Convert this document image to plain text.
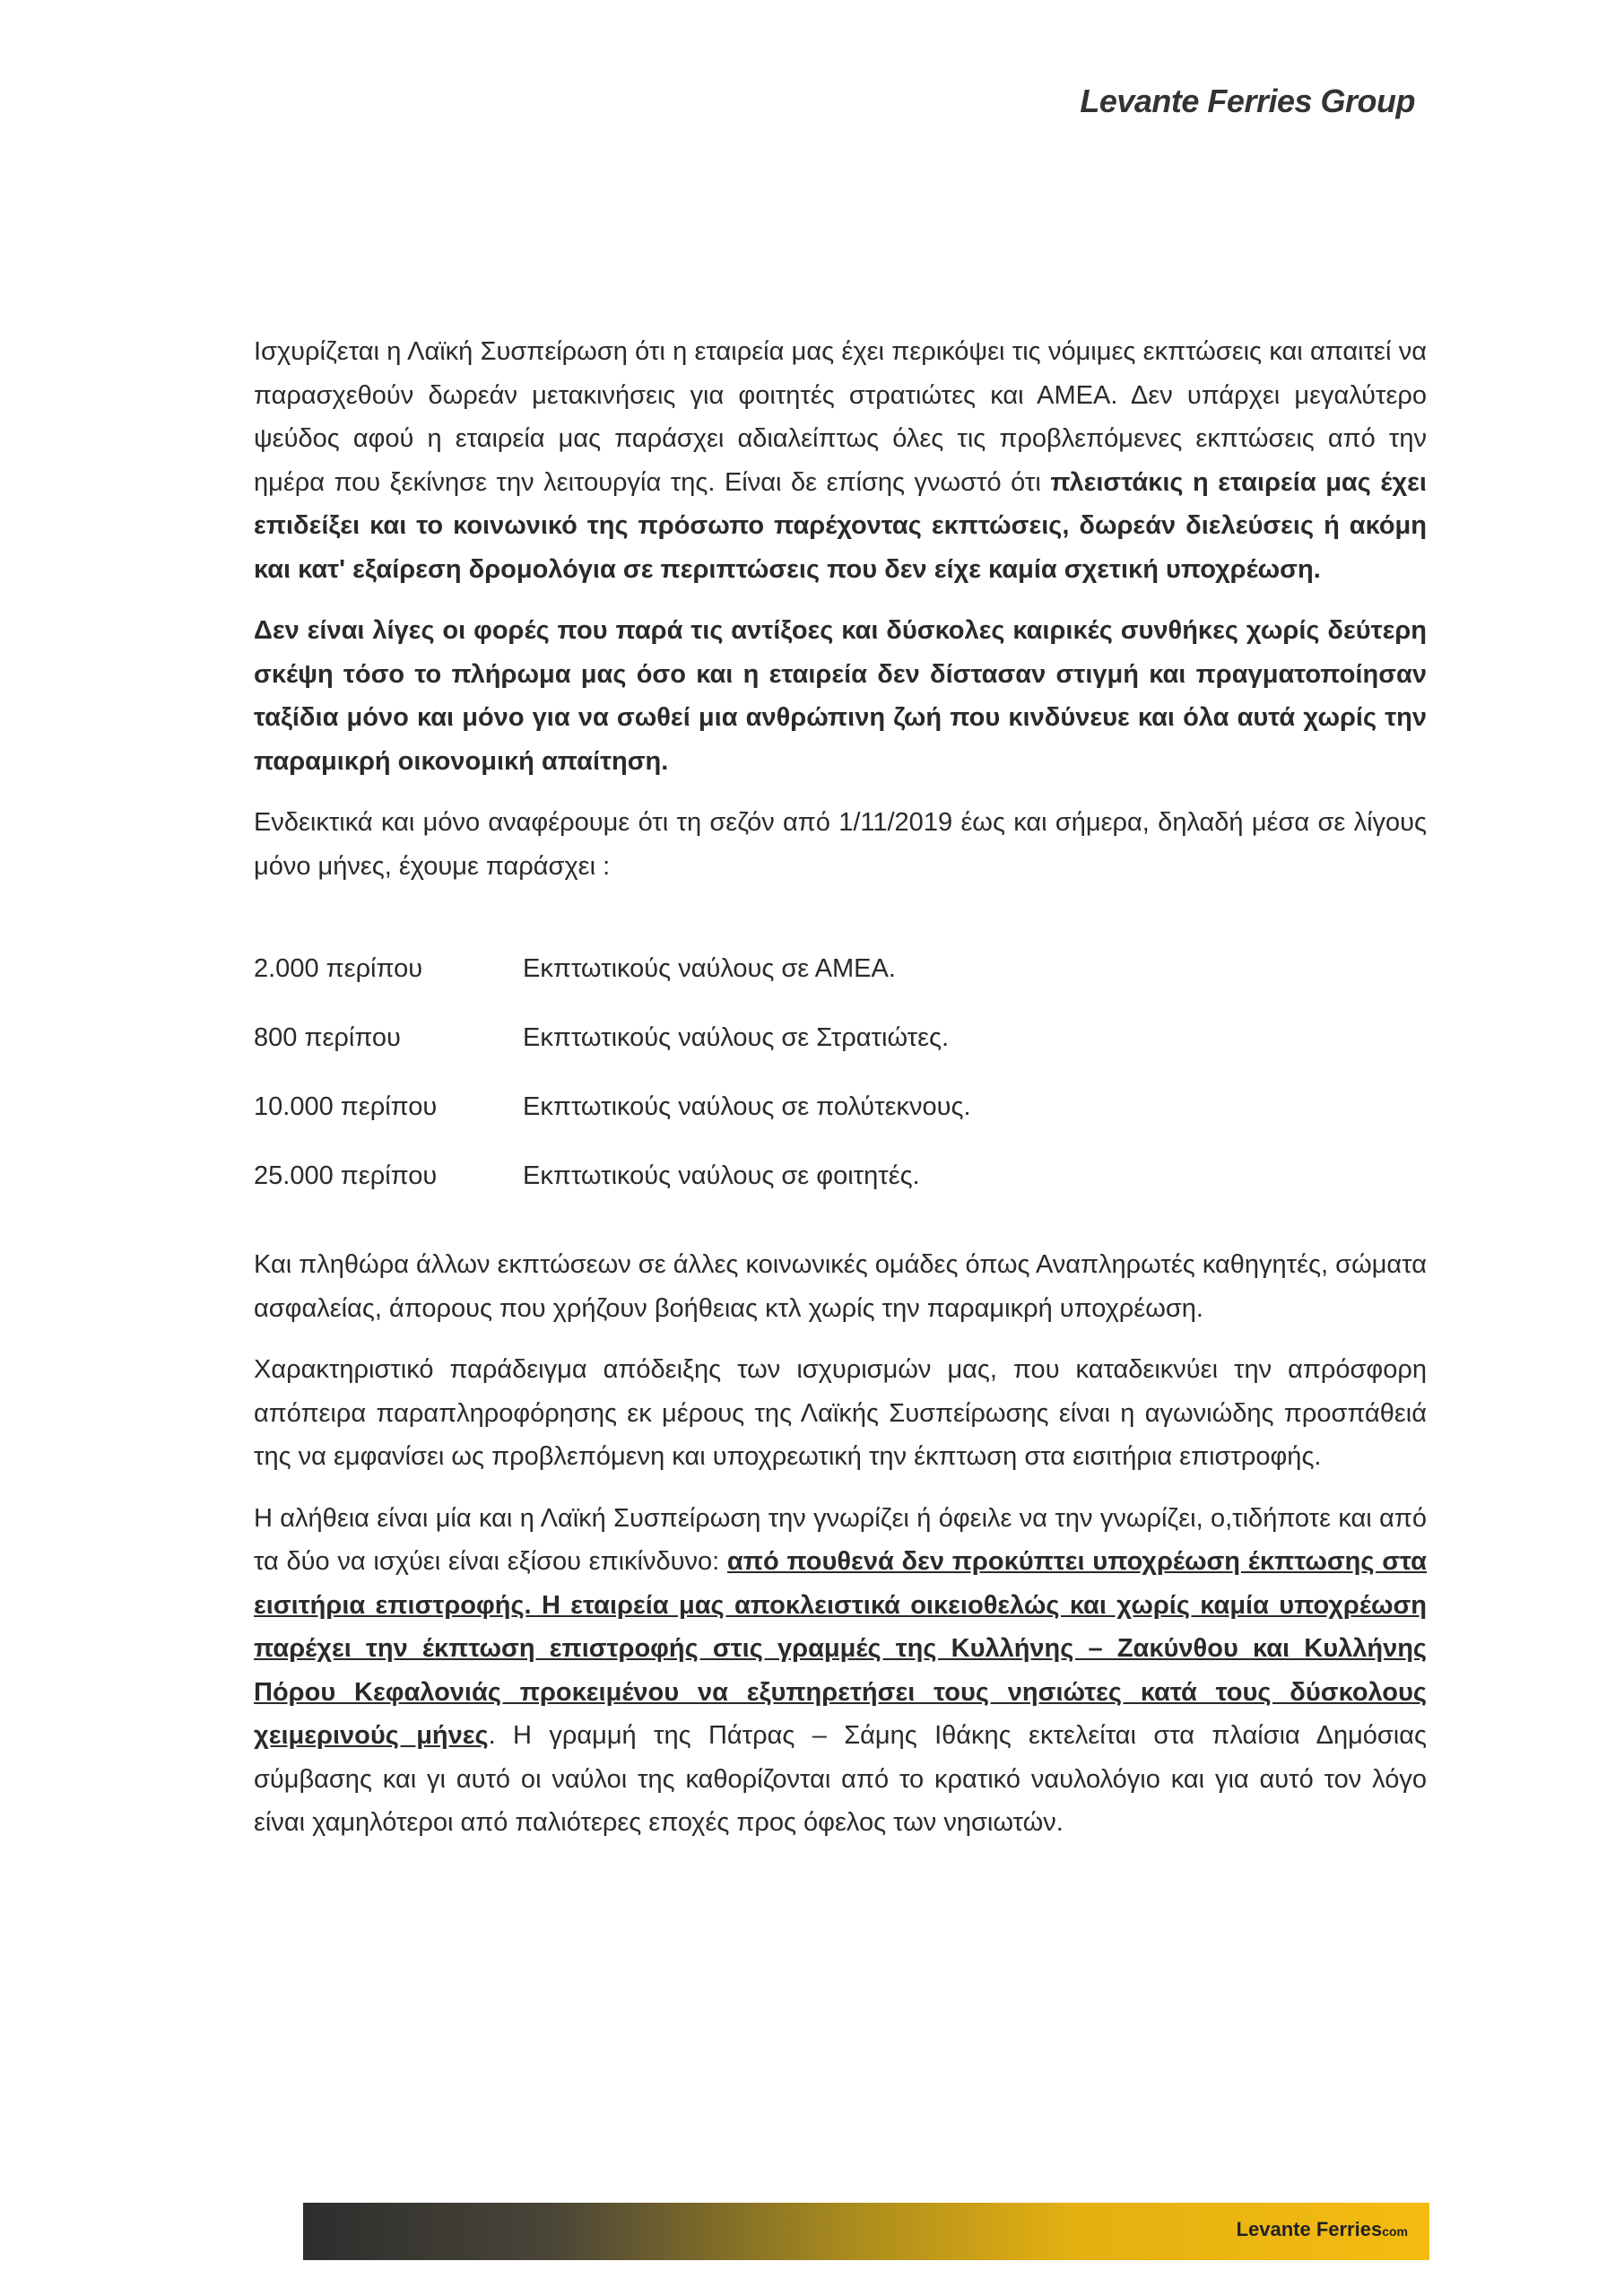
Levante Ferries Group

Ισχυρίζεται η Λαϊκή Συσπείρωση ότι η εταιρεία μας έχει περικόψει τις νόμιμες εκπτώσεις και απαιτεί να παρασχεθούν δωρεάν μετακινήσεις για φοιτητές στρατιώτες και ΑΜΕΑ. Δεν υπάρχει μεγαλύτερο ψεύδος αφού η εταιρεία μας παράσχει αδιαλείπτως όλες τις προβλεπόμενες εκπτώσεις από την ημέρα που ξεκίνησε την λειτουργία της. Είναι δε επίσης γνωστό ότι πλειστάκις η εταιρεία μας έχει επιδείξει και το κοινωνικό της πρόσωπο παρέχοντας εκπτώσεις, δωρεάν διελεύσεις ή ακόμη και κατ' εξαίρεση δρομολόγια σε περιπτώσεις που δεν είχε καμία σχετική υποχρέωση.

Δεν είναι λίγες οι φορές που παρά τις αντίξοες και δύσκολες καιρικές συνθήκες χωρίς δεύτερη σκέψη τόσο το πλήρωμα μας όσο και η εταιρεία δεν δίστασαν στιγμή και πραγματοποίησαν ταξίδια μόνο και μόνο για να σωθεί μια ανθρώπινη ζωή που κινδύνευε και όλα αυτά χωρίς την παραμικρή οικονομική απαίτηση.

Ενδεικτικά και μόνο αναφέρουμε ότι τη σεζόν από 1/11/2019 έως και σήμερα, δηλαδή μέσα σε λίγους μόνο μήνες, έχουμε παράσχει :

2.000 περίπου	Εκπτωτικούς ναύλους σε ΑΜΕΑ.
800 περίπου	Εκπτωτικούς ναύλους σε Στρατιώτες.
10.000 περίπου	Εκπτωτικούς ναύλους σε πολύτεκνους.
25.000 περίπου	Εκπτωτικούς ναύλους σε φοιτητές.

Και πληθώρα άλλων εκπτώσεων σε άλλες κοινωνικές ομάδες όπως Αναπληρωτές καθηγητές, σώματα ασφαλείας, άπορους που χρήζουν βοήθειας κτλ χωρίς την παραμικρή υποχρέωση.

Χαρακτηριστικό παράδειγμα απόδειξης των ισχυρισμών μας, που καταδεικνύει την απρόσφορη απόπειρα παραπληροφόρησης εκ μέρους της Λαϊκής Συσπείρωσης είναι η αγωνιώδης προσπάθειά της να εμφανίσει ως προβλεπόμενη και υποχρεωτική την έκπτωση στα εισιτήρια επιστροφής.

Η αλήθεια είναι μία και η Λαϊκή Συσπείρωση την γνωρίζει ή όφειλε να την γνωρίζει, ο,τιδήποτε και από τα δύο να ισχύει είναι εξίσου επικίνδυνο: από πουθενά δεν προκύπτει υποχρέωση έκπτωσης στα εισιτήρια επιστροφής. Η εταιρεία μας αποκλειστικά οικειοθελώς και χωρίς καμία υποχρέωση παρέχει την έκπτωση επιστροφής στις γραμμές της Κυλλήνης – Ζακύνθου και Κυλλήνης Πόρου Κεφαλονιάς προκειμένου να εξυπηρετήσει τους νησιώτες κατά τους δύσκολους χειμερινούς μήνες. Η γραμμή της Πάτρας – Σάμης Ιθάκης εκτελείται στα πλαίσια Δημόσιας σύμβασης και γι αυτό οι ναύλοι της καθορίζονται από το κρατικό ναυλολόγιο και για αυτό τον λόγο είναι χαμηλότεροι από παλιότερες εποχές προς όφελος των νησιωτών.

Levante Ferriescom
